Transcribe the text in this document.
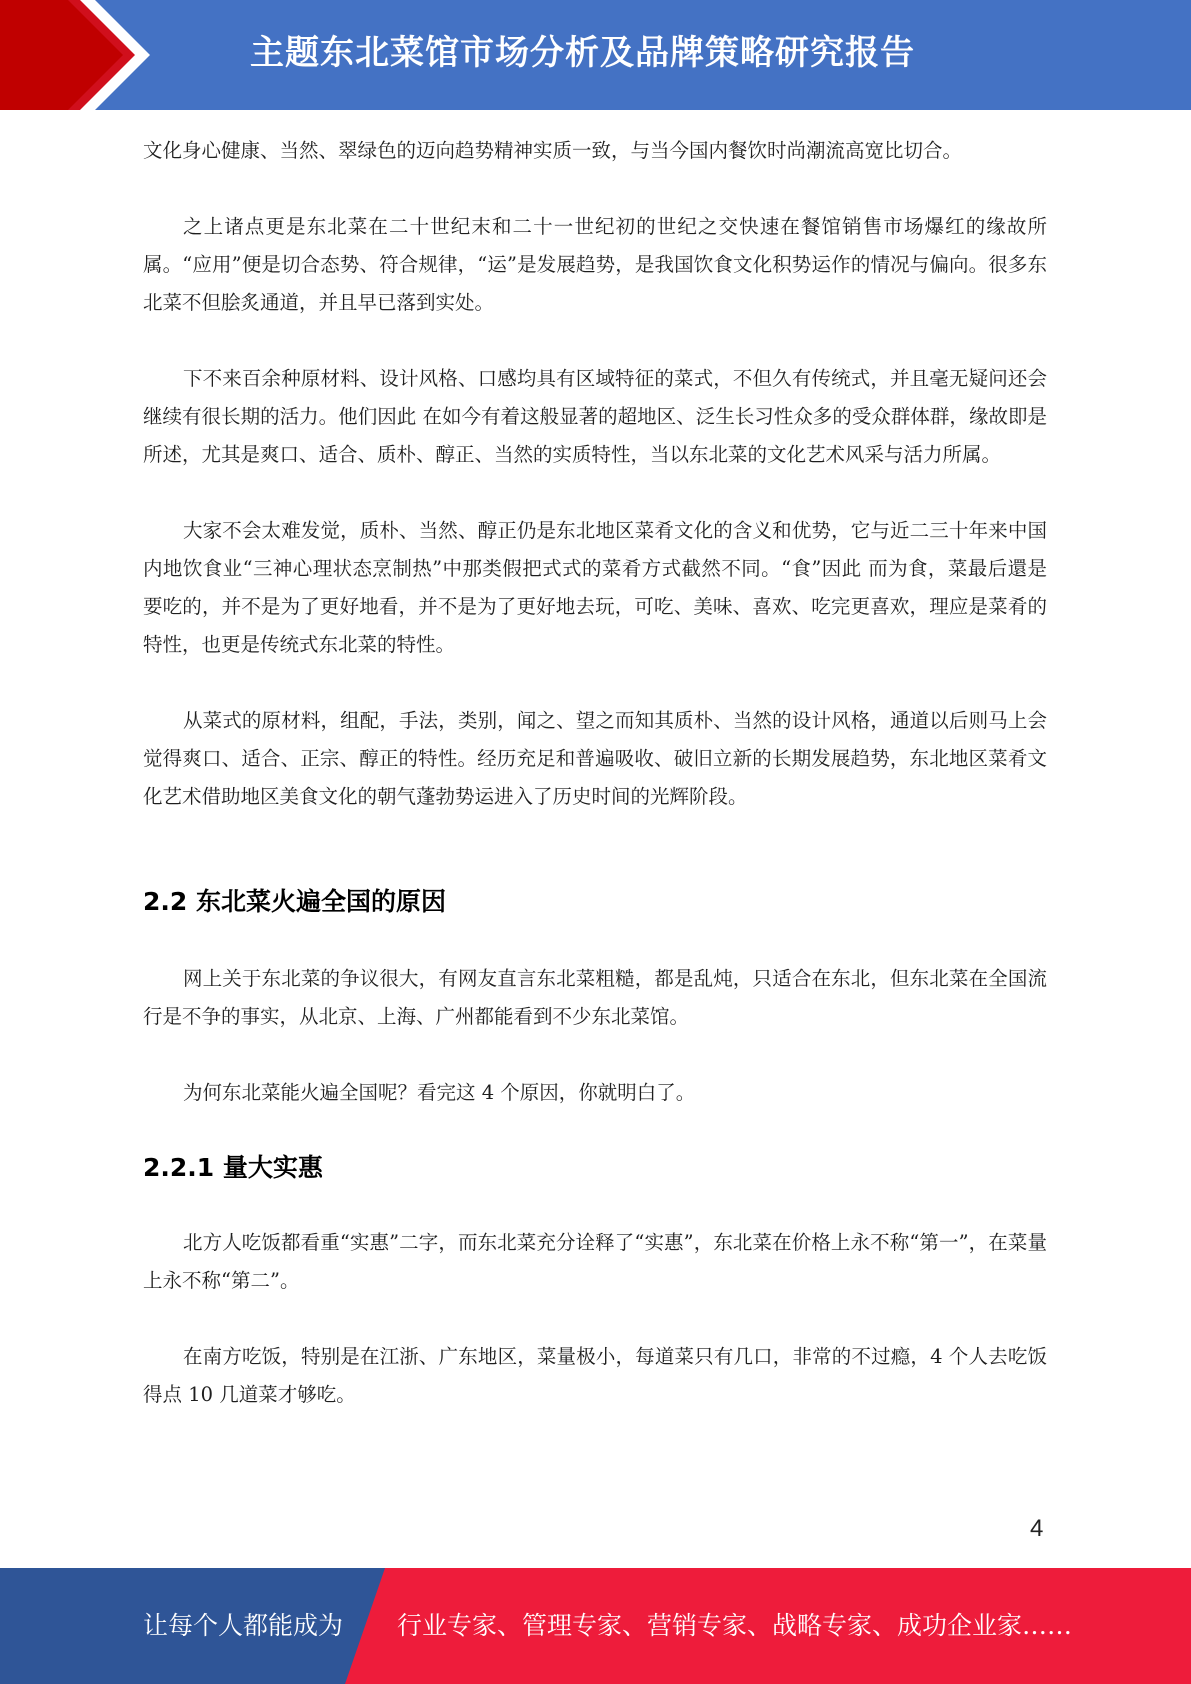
主题东北菜馆市场分析及品牌策略研究报告

文化身心健康、当然、翠绿色的迈向趋势精神实质一致，与当今国内餐饮时尚潮流高宽比切合。

之上诸点更是东北菜在二十世纪末和二十一世纪初的世纪之交快速在餐馆销售市场爆红的缘故所属。“应用”便是切合态势、符合规律，“运”是发展趋势，是我国饮食文化积势运作的情况与偏向。很多东北菜不但脍炙通道，并且早已落到实处。

下不来百余种原材料、设计风格、口感均具有区域特征的菜式，不但久有传统式，并且毫无疑问还会继续有很长期的活力。他们因此 在如今有着这般显著的超地区、泛生长习性众多的受众群体群，缘故即是所述，尤其是爽口、适合、质朴、醇正、当然的实质特性，当以东北菜的文化艺术风采与活力所属。

大家不会太难发觉，质朴、当然、醇正仍是东北地区菜肴文化的含义和优势，它与近二三十年来中国内地饮食业“三神心理状态烹制热”中那类假把式式的菜肴方式截然不同。“食”因此 而为食，菜最后還是要吃的，并不是为了更好地看，并不是为了更好地去玩，可吃、美味、喜欢、吃完更喜欢，理应是菜肴的特性，也更是传统式东北菜的特性。

从菜式的原材料，组配，手法，类别，闻之、望之而知其质朴、当然的设计风格，通道以后则马上会觉得爽口、适合、正宗、醇正的特性。经历充足和普遍吸收、破旧立新的长期发展趋势，东北地区菜肴文化艺术借助地区美食文化的朝气蓬勃势运进入了历史时间的光辉阶段。

2.2 东北菜火遍全国的原因

网上关于东北菜的争议很大，有网友直言东北菜粗糙，都是乱炖，只适合在东北，但东北菜在全国流行是不争的事实，从北京、上海、广州都能看到不少东北菜馆。

为何东北菜能火遍全国呢？看完这 4 个原因，你就明白了。

2.2.1 量大实惠

北方人吃饭都看重“实惠”二字，而东北菜充分诠释了“实惠”，东北菜在价格上永不称“第一”，在菜量上永不称“第二”。

在南方吃饭，特别是在江浙、广东地区，菜量极小，每道菜只有几口，非常的不过瘾，4 个人去吃饭得点 10 几道菜才够吃。

4
让每个人都能成为 行业专家、管理专家、营销专家、战略专家、成功企业家……
